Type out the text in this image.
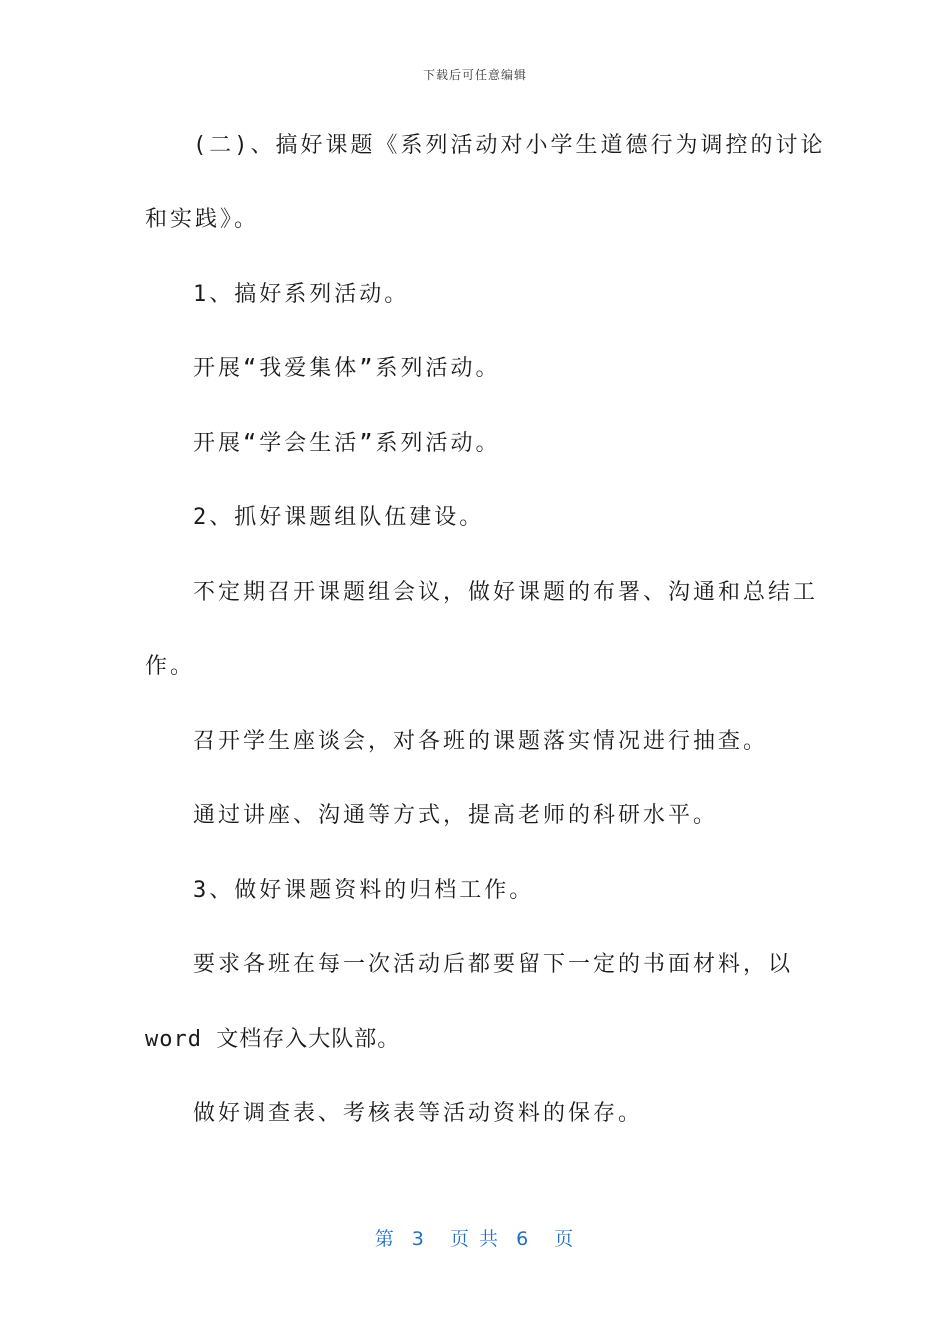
下载后可任意编辑
(二)、搞好课题《系列活动对小学生道德行为调控的讨论
和实践》。
1、搞好系列活动。
开展“我爱集体”系列活动。
开展“学会生活”系列活动。
2、抓好课题组队伍建设。
不定期召开课题组会议，做好课题的布署、沟通和总结工
作。
召开学生座谈会，对各班的课题落实情况进行抽查。
通过讲座、沟通等方式，提高老师的科研水平。
3、做好课题资料的归档工作。
要求各班在每一次活动后都要留下一定的书面材料，以
word 文档存入大队部。
做好调查表、考核表等活动资料的保存。
第  3   页 共  6   页
